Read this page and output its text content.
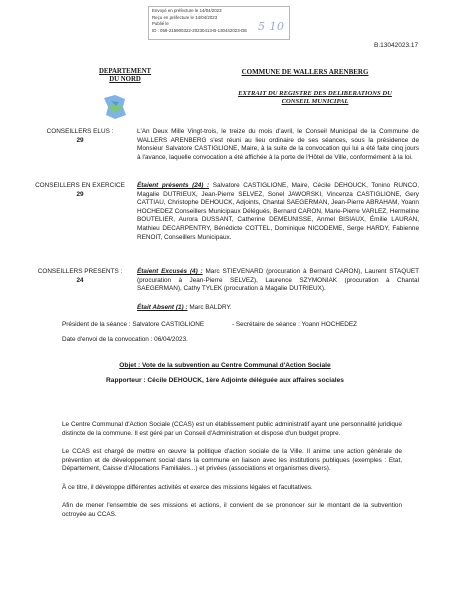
Envoyé en préfecture le 14/04/2023
Reçu en préfecture le 14/04/2023
Publié le
ID : 059-215900322-20230413-B-130442023-DE 5 10
B.13042023.17
DEPARTEMENT
DU NORD
COMMUNE DE WALLERS ARENBERG
EXTRAIT DU REGISTRE DES DELIBERATIONS DU
CONSEIL MUNICIPAL
CONSEILLERS ELUS :
29
L'An Deux Mille Vingt-trois, le treize du mois d'avril, le Conseil Municipal de la Commune de WALLERS ARENBERG s'est réuni au lieu ordinaire de ses séances, sous la présidence de Monsieur Salvatore CASTIGLIONE, Maire, à la suite de la convocation qui lui a été faite cinq jours à l'avance, laquelle convocation a été affichée à la porte de l'Hôtel de Ville, conformément à la loi.
CONSEILLERS EN EXERCICE
29
Étaient présents (24) : Salvatore CASTIGLIONE, Maire, Cécile DEHOUCK, Tonino RUNCO, Magalie DUTRIEUX, Jean-Pierre SELVEZ, Sonel JAWORSKI, Vincenza CASTIGLIONE, Gery CATTIAU, Christophe DEHOUCK, Adjoints, Chantal SAEGERMAN, Jean-Pierre ABRAHAM, Yoann HOCHEDEZ Conseillers Municipaux Délégués, Bernard CARON, Marie-Pierre VARLEZ, Hermeline BOUTELIER, Aurora DUSSANT, Catherine DEMEUNISSE, Anmel BISIAUX, Émilie LAURAN, Mathieu DECARPENTRY, Bénédicte COTTEL, Dominique NICODEME, Serge HARDY, Fabienne RENOIT, Conseillers Municipaux.
CONSEILLERS PRESENTS :
24
Étaient Excusés (4) : Marc STIEVENARD (procuration à Bernard CARON), Laurent STAQUET (procuration à Jean-Pierre SELVEZ), Laurence SZYMONIAK (procuration à Chantal SAEGERMAN), Cathy TYLEK (procuration à Magalie DUTRIEUX).
Était Absent (1) : Marc BALDRY.
Président de la séance : Salvatore CASTIGLIONE	- Secrétaire de séance : Yoann HOCHEDEZ
Date d'envoi de la convocation : 06/04/2023.
Objet : Vote de la subvention au Centre Communal d'Action Sociale
Rapporteur : Cécile DEHOUCK, 1ère Adjointe déléguée aux affaires sociales
Le Centre Communal d'Action Sociale (CCAS) est un établissement public administratif ayant une personnalité juridique distincte de la commune. Il est géré par un Conseil d'Administration et dispose d'un budget propre.
Le CCAS est chargé de mettre en œuvre la politique d'action sociale de la Ville. Il anime une action générale de prévention et de développement social dans la commune en liaison avec les institutions publiques (exemples : Etat, Département, Caisse d'Allocations Familiales...) et privées (associations et organismes divers).
À ce titre, il développe différentes activités et exerce des missions légales et facultatives.
Afin de mener l'ensemble de ses missions et actions, il convient de se prononcer sur le montant de la subvention octroyée au CCAS.
